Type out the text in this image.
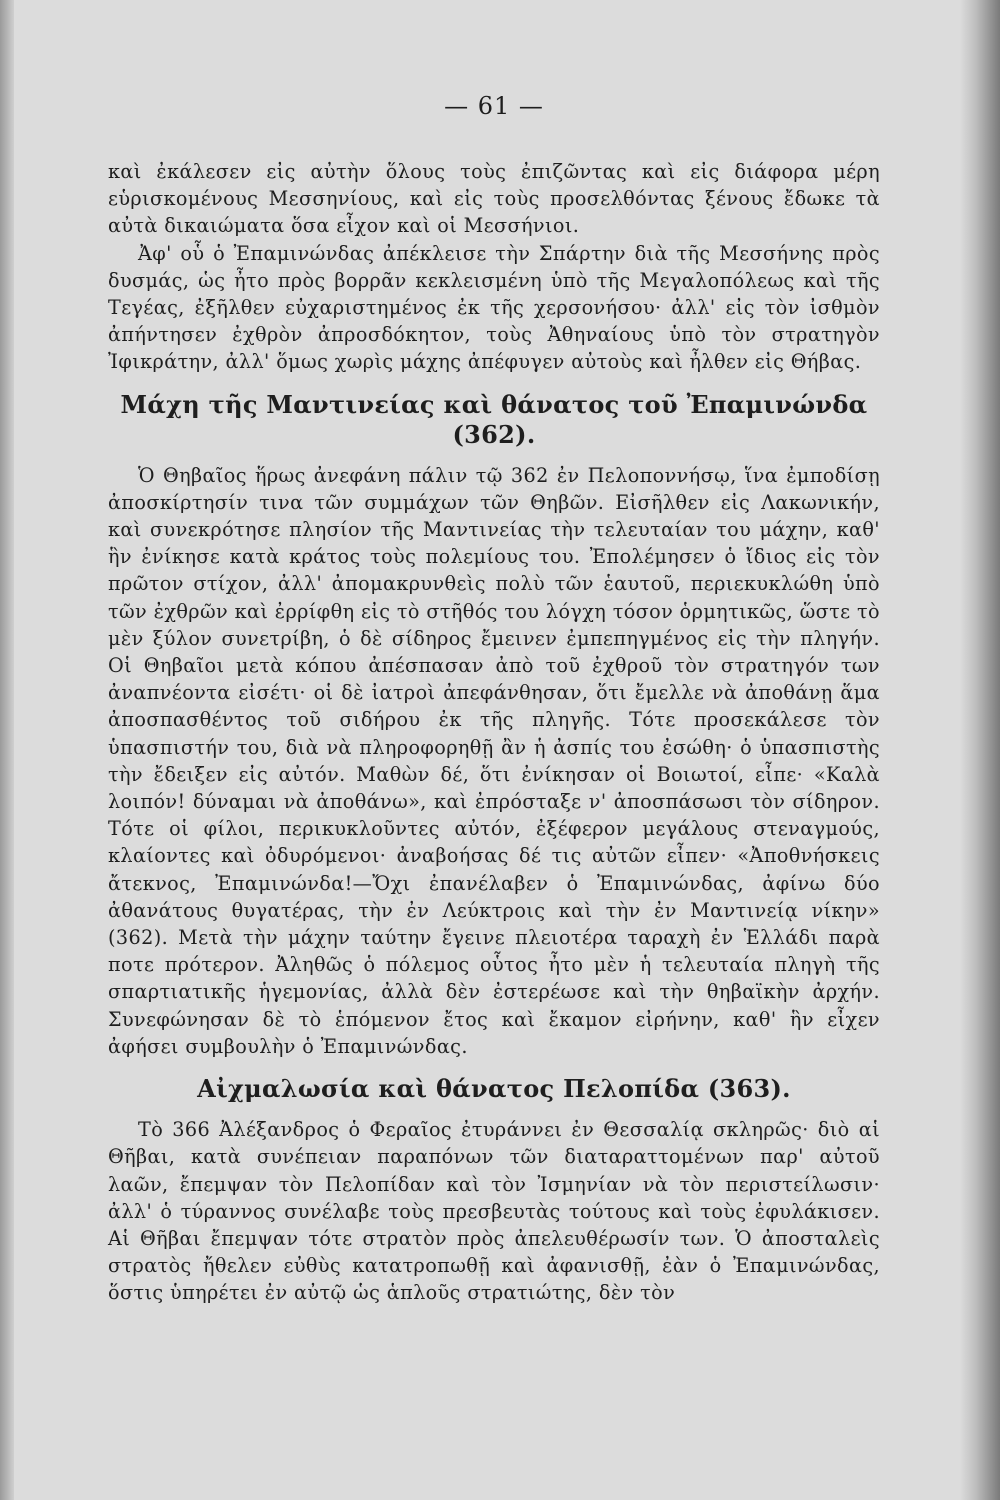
— 61 —

καὶ ἐκάλεσεν εἰς αὐτὴν ὅλους τοὺς ἐπιζῶντας καὶ εἰς διάφορα μέρη εὑρισκομένους Μεσσηνίους, καὶ εἰς τοὺς προσελθόντας ξένους ἔδωκε τὰ αὐτὰ δικαιώματα ὅσα εἶχον καὶ οἱ Μεσσήνιοι.

Ἀφ' οὗ ὁ Ἐπαμινώνδας ἀπέκλεισε τὴν Σπάρτην διὰ τῆς Μεσσήνης πρὸς δυσμάς, ὡς ἦτο πρὸς βορρᾶν κεκλεισμένη ὑπὸ τῆς Μεγαλοπόλεως καὶ τῆς Τεγέας, ἐξῆλθεν εὐχαριστημένος ἐκ τῆς χερσονήσου· ἀλλ' εἰς τὸν ἰσθμὸν ἀπήντησεν ἐχθρὸν ἀπροσδόκητον, τοὺς Ἀθηναίους ὑπὸ τὸν στρατηγὸν Ἰφικράτην, ἀλλ' ὅμως χωρὶς μάχης ἀπέφυγεν αὐτοὺς καὶ ἦλθεν εἰς Θήβας.

Μάχη τῆς Μαντινείας καὶ θάνατος τοῦ Ἐπαμινώνδα (362).

Ὁ Θηβαῖος ἥρως ἀνεφάνη πάλιν τῷ 362 ἐν Πελοποννήσῳ, ἵνα ἐμποδίσῃ ἀποσκίρτησίν τινα τῶν συμμάχων τῶν Θηβῶν. Εἰσῆλθεν εἰς Λακωνικήν, καὶ συνεκρότησε πλησίον τῆς Μαντινείας τὴν τελευταίαν του μάχην, καθ' ἣν ἐνίκησε κατὰ κράτος τοὺς πολεμίους του. Ἐπολέμησεν ὁ ἴδιος εἰς τὸν πρῶτον στίχον, ἀλλ' ἀπομακρυνθεὶς πολὺ τῶν ἑαυτοῦ, περιεκυκλώθη ὑπὸ τῶν ἐχθρῶν καὶ ἐρρίφθη εἰς τὸ στῆθός του λόγχη τόσον ὁρμητικῶς, ὥστε τὸ μὲν ξύλον συνετρίβη, ὁ δὲ σίδηρος ἔμεινεν ἐμπεπηγμένος εἰς τὴν πληγήν. Οἱ Θηβαῖοι μετὰ κόπου ἀπέσπασαν ἀπὸ τοῦ ἐχθροῦ τὸν στρατηγόν των ἀναπνέοντα εἰσέτι· οἱ δὲ ἰατροὶ ἀπεφάνθησαν, ὅτι ἔμελλε νὰ ἀποθάνῃ ἅμα ἀποσπασθέντος τοῦ σιδήρου ἐκ τῆς πληγῆς. Τότε προσεκάλεσε τὸν ὑπασπιστήν του, διὰ νὰ πληροφορηθῇ ἂν ἡ ἀσπίς του ἐσώθη· ὁ ὑπασπιστὴς τὴν ἔδειξεν εἰς αὐτόν. Μαθὼν δέ, ὅτι ἐνίκησαν οἱ Βοιωτοί, εἶπε· «Καλὰ λοιπόν! δύναμαι νὰ ἀποθάνω», καὶ ἐπρόσταξε ν' ἀποσπάσωσι τὸν σίδηρον. Τότε οἱ φίλοι, περικυκλοῦντες αὐτόν, ἐξέφερον μεγάλους στεναγμούς, κλαίοντες καὶ ὀδυρόμενοι· ἀναβοήσας δέ τις αὐτῶν εἶπεν· «Ἀποθνήσκεις ἄτεκνος, Ἐπαμινώνδα!—Ὄχι ἐπανέλαβεν ὁ Ἐπαμινώνδας, ἀφίνω δύο ἀθανάτους θυγατέρας, τὴν ἐν Λεύκτροις καὶ τὴν ἐν Μαντινείᾳ νίκην» (362). Μετὰ τὴν μάχην ταύτην ἔγεινε πλειοτέρα ταραχὴ ἐν Ἑλλάδι παρὰ ποτε πρότερον. Ἀληθῶς ὁ πόλεμος οὗτος ἦτο μὲν ἡ τελευταία πληγὴ τῆς σπαρτιατικῆς ἡγεμονίας, ἀλλὰ δὲν ἐστερέωσε καὶ τὴν θηβαϊκὴν ἀρχήν. Συνεφώνησαν δὲ τὸ ἑπόμενον ἔτος καὶ ἔκαμον εἰρήνην, καθ' ἣν εἶχεν ἀφήσει συμβουλὴν ὁ Ἐπαμινώνδας.

Αἰχμαλωσία καὶ θάνατος Πελοπίδα (363).

Τὸ 366 Ἀλέξανδρος ὁ Φεραῖος ἐτυράννει ἐν Θεσσαλίᾳ σκληρῶς· διὸ αἱ Θῆβαι, κατὰ συνέπειαν παραπόνων τῶν διαταραττομένων παρ' αὐτοῦ λαῶν, ἔπεμψαν τὸν Πελοπίδαν καὶ τὸν Ἰσμηνίαν νὰ τὸν περιστείλωσιν· ἀλλ' ὁ τύραννος συνέλαβε τοὺς πρεσβευτὰς τούτους καὶ τοὺς ἐφυλάκισεν. Αἱ Θῆβαι ἔπεμψαν τότε στρατὸν πρὸς ἀπελευθέρωσίν των. Ὁ ἀποσταλεὶς στρατὸς ἤθελεν εὐθὺς κατατροπωθῇ καὶ ἀφανισθῇ, ἐὰν ὁ Ἐπαμινώνδας, ὅστις ὑπηρέτει ἐν αὐτῷ ὡς ἁπλοῦς στρατιώτης, δὲν τὸν
